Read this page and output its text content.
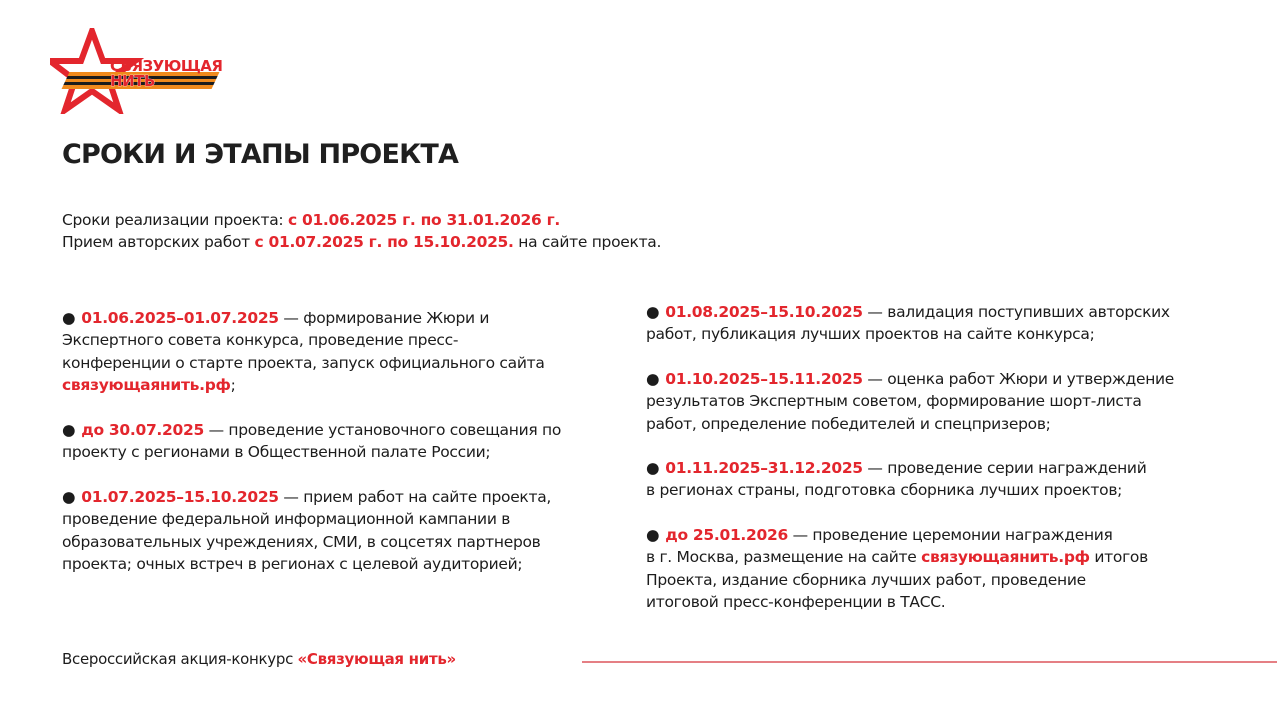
СВЯЗУЮЩАЯ
НИТЬ
СРОКИ И ЭТАПЫ ПРОЕКТА
Сроки реализации проекта: с 01.06.2025 г. по 31.01.2026 г.
Прием авторских работ с 01.07.2025 г. по 15.10.2025. на сайте проекта.
● 01.06.2025–01.07.2025 — формирование Жюри и
Экспертного совета конкурса, проведение пресс-
конференции о старте проекта, запуск официального сайта
связующаянить.рф;
● до 30.07.2025 — проведение установочного совещания по
проекту с регионами в Общественной палате России;
● 01.07.2025–15.10.2025 — прием работ на сайте проекта,
проведение федеральной информационной кампании в
образовательных учреждениях, СМИ, в соцсетях партнеров
проекта; очных встреч в регионах с целевой аудиторией;
● 01.08.2025–15.10.2025 — валидация поступивших авторских
работ, публикация лучших проектов на сайте конкурса;
● 01.10.2025–15.11.2025 — оценка работ Жюри и утверждение
результатов Экспертным советом, формирование шорт-листа
работ, определение победителей и спецпризеров;
● 01.11.2025–31.12.2025 — проведение серии награждений
в регионах страны, подготовка сборника лучших проектов;
● до 25.01.2026 — проведение церемонии награждения
в г. Москва, размещение на сайте связующаянить.рф итогов
Проекта, издание сборника лучших работ, проведение
итоговой пресс-конференции в ТАСС.
Всероссийская акция-конкурс «Связующая нить»
